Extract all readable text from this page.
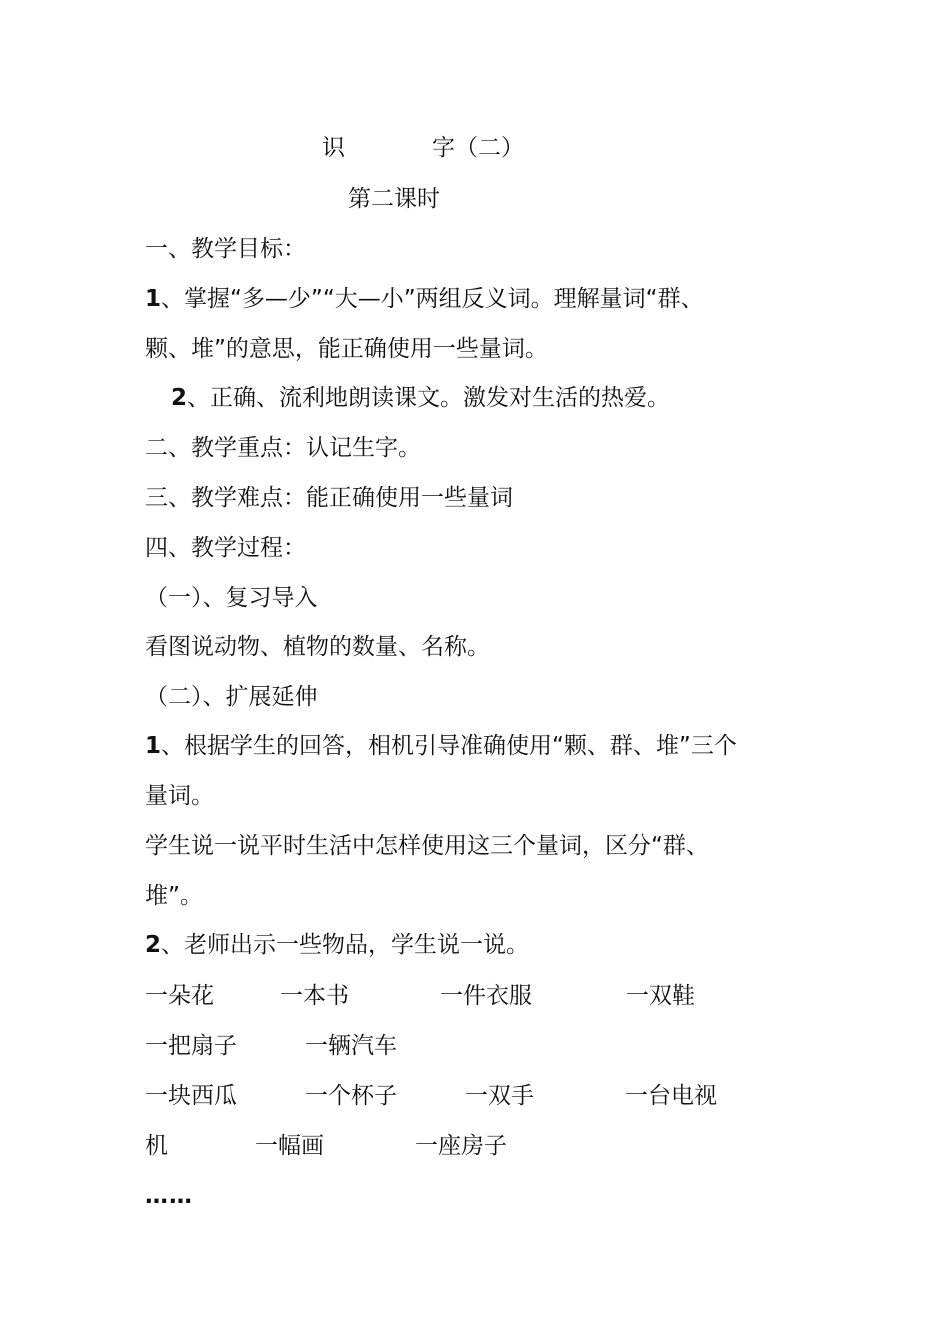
识	字（二）
第二课时
一、教学目标：
1、掌握“多—少”“大—小”两组反义词。理解量词“群、
颗、堆”的意思，能正确使用一些量词。
2、正确、流利地朗读课文。激发对生活的热爱。
二、教学重点：认记生字。
三、教学难点：能正确使用一些量词
四、教学过程：
（一）、复习导入
看图说动物、植物的数量、名称。
（二）、扩展延伸
1、根据学生的回答，相机引导准确使用“颗、群、堆”三个
量词。
学生说一说平时生活中怎样使用这三个量词，区分“群、
堆”。
2、老师出示一些物品，学生说一说。
一朵花	一本书	一件衣服	一双鞋
一把扇子	一辆汽车
一块西瓜	一个杯子	一双手	一台电视
机	一幅画	一座房子
……
